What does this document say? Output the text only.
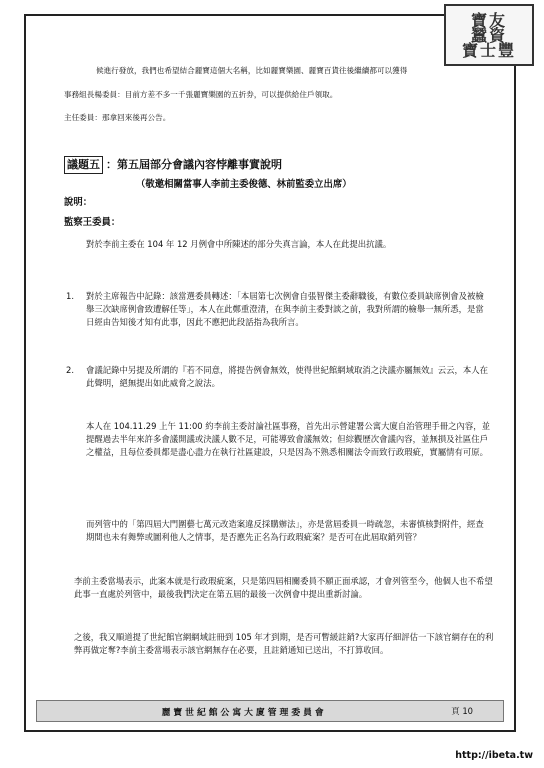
寶友
蠶資
寶士豐
候進行發放，我們也希望結合麗寶這個大名稱，比如麗寶樂園、麗寶百貨往後繼續都可以獲得
事務組長楊委員：目前方差不多一千張麗寶樂園的五折券，可以提供給住戶領取。
主任委員：那拿回來後再公告。
議題五 ：第五屆部分會議內容悖離事實說明
（敬邀相關當事人李前主委俊德、林前監委立出席）
說明：
監察王委員：
對於李前主委在 104 年 12 月例會中所陳述的部分失真言論，本人在此提出抗議。
1.	對於主席報告中記錄：該當選委員轉述：「本屆第七次例會自張智傑主委辭職後，有數位委員缺席例會及被檢舉三次缺席例會致遭解任等」，本人在此鄭重澄清，在與李前主委對談之前，我對所謂的檢舉一無所悉，是當日經由告知後才知有此事，因此不應把此段話指為我所言。
2.	會議記錄中另提及所謂的『若不同意，將提告例會無效，使得世紀館網域取消之決議亦屬無效』云云，本人在此聲明，絕無提出如此威脅之說法。
本人在 104.11.29 上午 11:00 約李前主委討論社區事務，首先出示營建署公寓大廈自治管理手冊之內容，並提醒過去半年來許多會議開議或決議人數不足，可能導致會議無效；但綜觀歷次會議內容，並無損及社區住戶之權益，且每位委員都是盡心盡力在執行社區建設，只是因為不熟悉相關法令而致行政瑕疵，實屬情有可原。
而列管中的「第四屆大門圍藝七萬元改造案違反採購辦法」，亦是當屆委員一時疏忽，未審慎核對附件，經查期間也未有舞弊或圖利他人之情事，是否應先正名為行政瑕疵案？是否可在此屆取銷列管？
李前主委當場表示，此案本就是行政瑕疵案，只是第四屆相關委員不願正面承認，才會列管至今，他個人也不希望此事一直處於列管中，最後我們決定在第五屆的最後一次例會中提出重新討論。
之後，我又順道提了世紀館官網網域註冊到 105 年才到期，是否可暫緩註銷?大家再仔細評估一下該官網存在的利弊再做定奪?李前主委當場表示該官網無存在必要，且註銷通知已送出，不打算收回。
麗寶世紀館公寓大廈管理委員會	頁 10
http://ibeta.tw
